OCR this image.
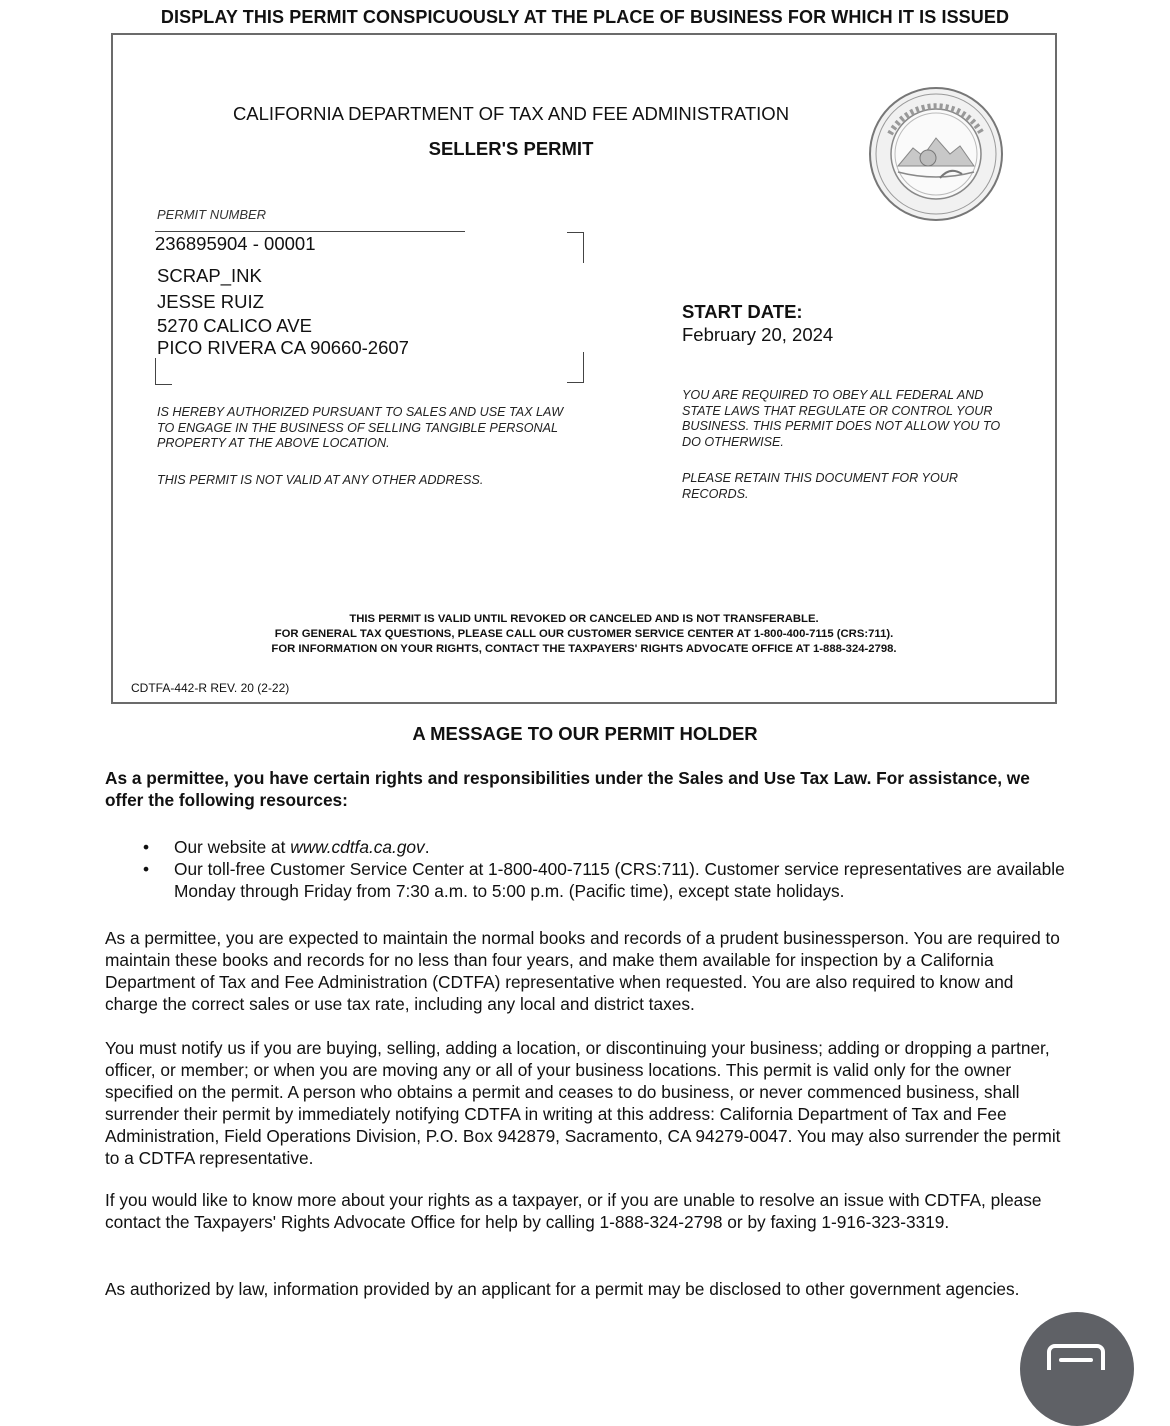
DISPLAY THIS PERMIT CONSPICUOUSLY AT THE PLACE OF BUSINESS FOR WHICH IT IS ISSUED
CALIFORNIA DEPARTMENT OF TAX AND FEE ADMINISTRATION
SELLER'S PERMIT
PERMIT NUMBER
236895904 - 00001
SCRAP_INK
JESSE RUIZ
5270 CALICO AVE
PICO RIVERA CA 90660-2607
IS HEREBY AUTHORIZED PURSUANT TO SALES AND USE TAX LAW TO ENGAGE IN THE BUSINESS OF SELLING TANGIBLE PERSONAL PROPERTY AT THE ABOVE LOCATION.
THIS PERMIT IS NOT VALID AT ANY OTHER ADDRESS.
START DATE:
February 20, 2024
YOU ARE REQUIRED TO OBEY ALL FEDERAL AND STATE LAWS THAT REGULATE OR CONTROL YOUR BUSINESS. THIS PERMIT DOES NOT ALLOW YOU TO DO OTHERWISE.
PLEASE RETAIN THIS DOCUMENT FOR YOUR RECORDS.
THIS PERMIT IS VALID UNTIL REVOKED OR CANCELED AND IS NOT TRANSFERABLE.
FOR GENERAL TAX QUESTIONS, PLEASE CALL OUR CUSTOMER SERVICE CENTER AT 1-800-400-7115 (CRS:711).
FOR INFORMATION ON YOUR RIGHTS, CONTACT THE TAXPAYERS' RIGHTS ADVOCATE OFFICE AT 1-888-324-2798.
CDTFA-442-R REV. 20 (2-22)
A MESSAGE TO OUR PERMIT HOLDER
As a permittee, you have certain rights and responsibilities under the Sales and Use Tax Law. For assistance, we offer the following resources:
• Our website at www.cdtfa.ca.gov.
• Our toll-free Customer Service Center at 1-800-400-7115 (CRS:711). Customer service representatives are available Monday through Friday from 7:30 a.m. to 5:00 p.m. (Pacific time), except state holidays.
As a permittee, you are expected to maintain the normal books and records of a prudent businessperson. You are required to maintain these books and records for no less than four years, and make them available for inspection by a California Department of Tax and Fee Administration (CDTFA) representative when requested. You are also required to know and charge the correct sales or use tax rate, including any local and district taxes.
You must notify us if you are buying, selling, adding a location, or discontinuing your business; adding or dropping a partner, officer, or member; or when you are moving any or all of your business locations. This permit is valid only for the owner specified on the permit. A person who obtains a permit and ceases to do business, or never commenced business, shall surrender their permit by immediately notifying CDTFA in writing at this address: California Department of Tax and Fee Administration, Field Operations Division, P.O. Box 942879, Sacramento, CA 94279-0047. You may also surrender the permit to a CDTFA representative.
If you would like to know more about your rights as a taxpayer, or if you are unable to resolve an issue with CDTFA, please contact the Taxpayers' Rights Advocate Office for help by calling 1-888-324-2798 or by faxing 1-916-323-3319.
As authorized by law, information provided by an applicant for a permit may be disclosed to other government agencies.
